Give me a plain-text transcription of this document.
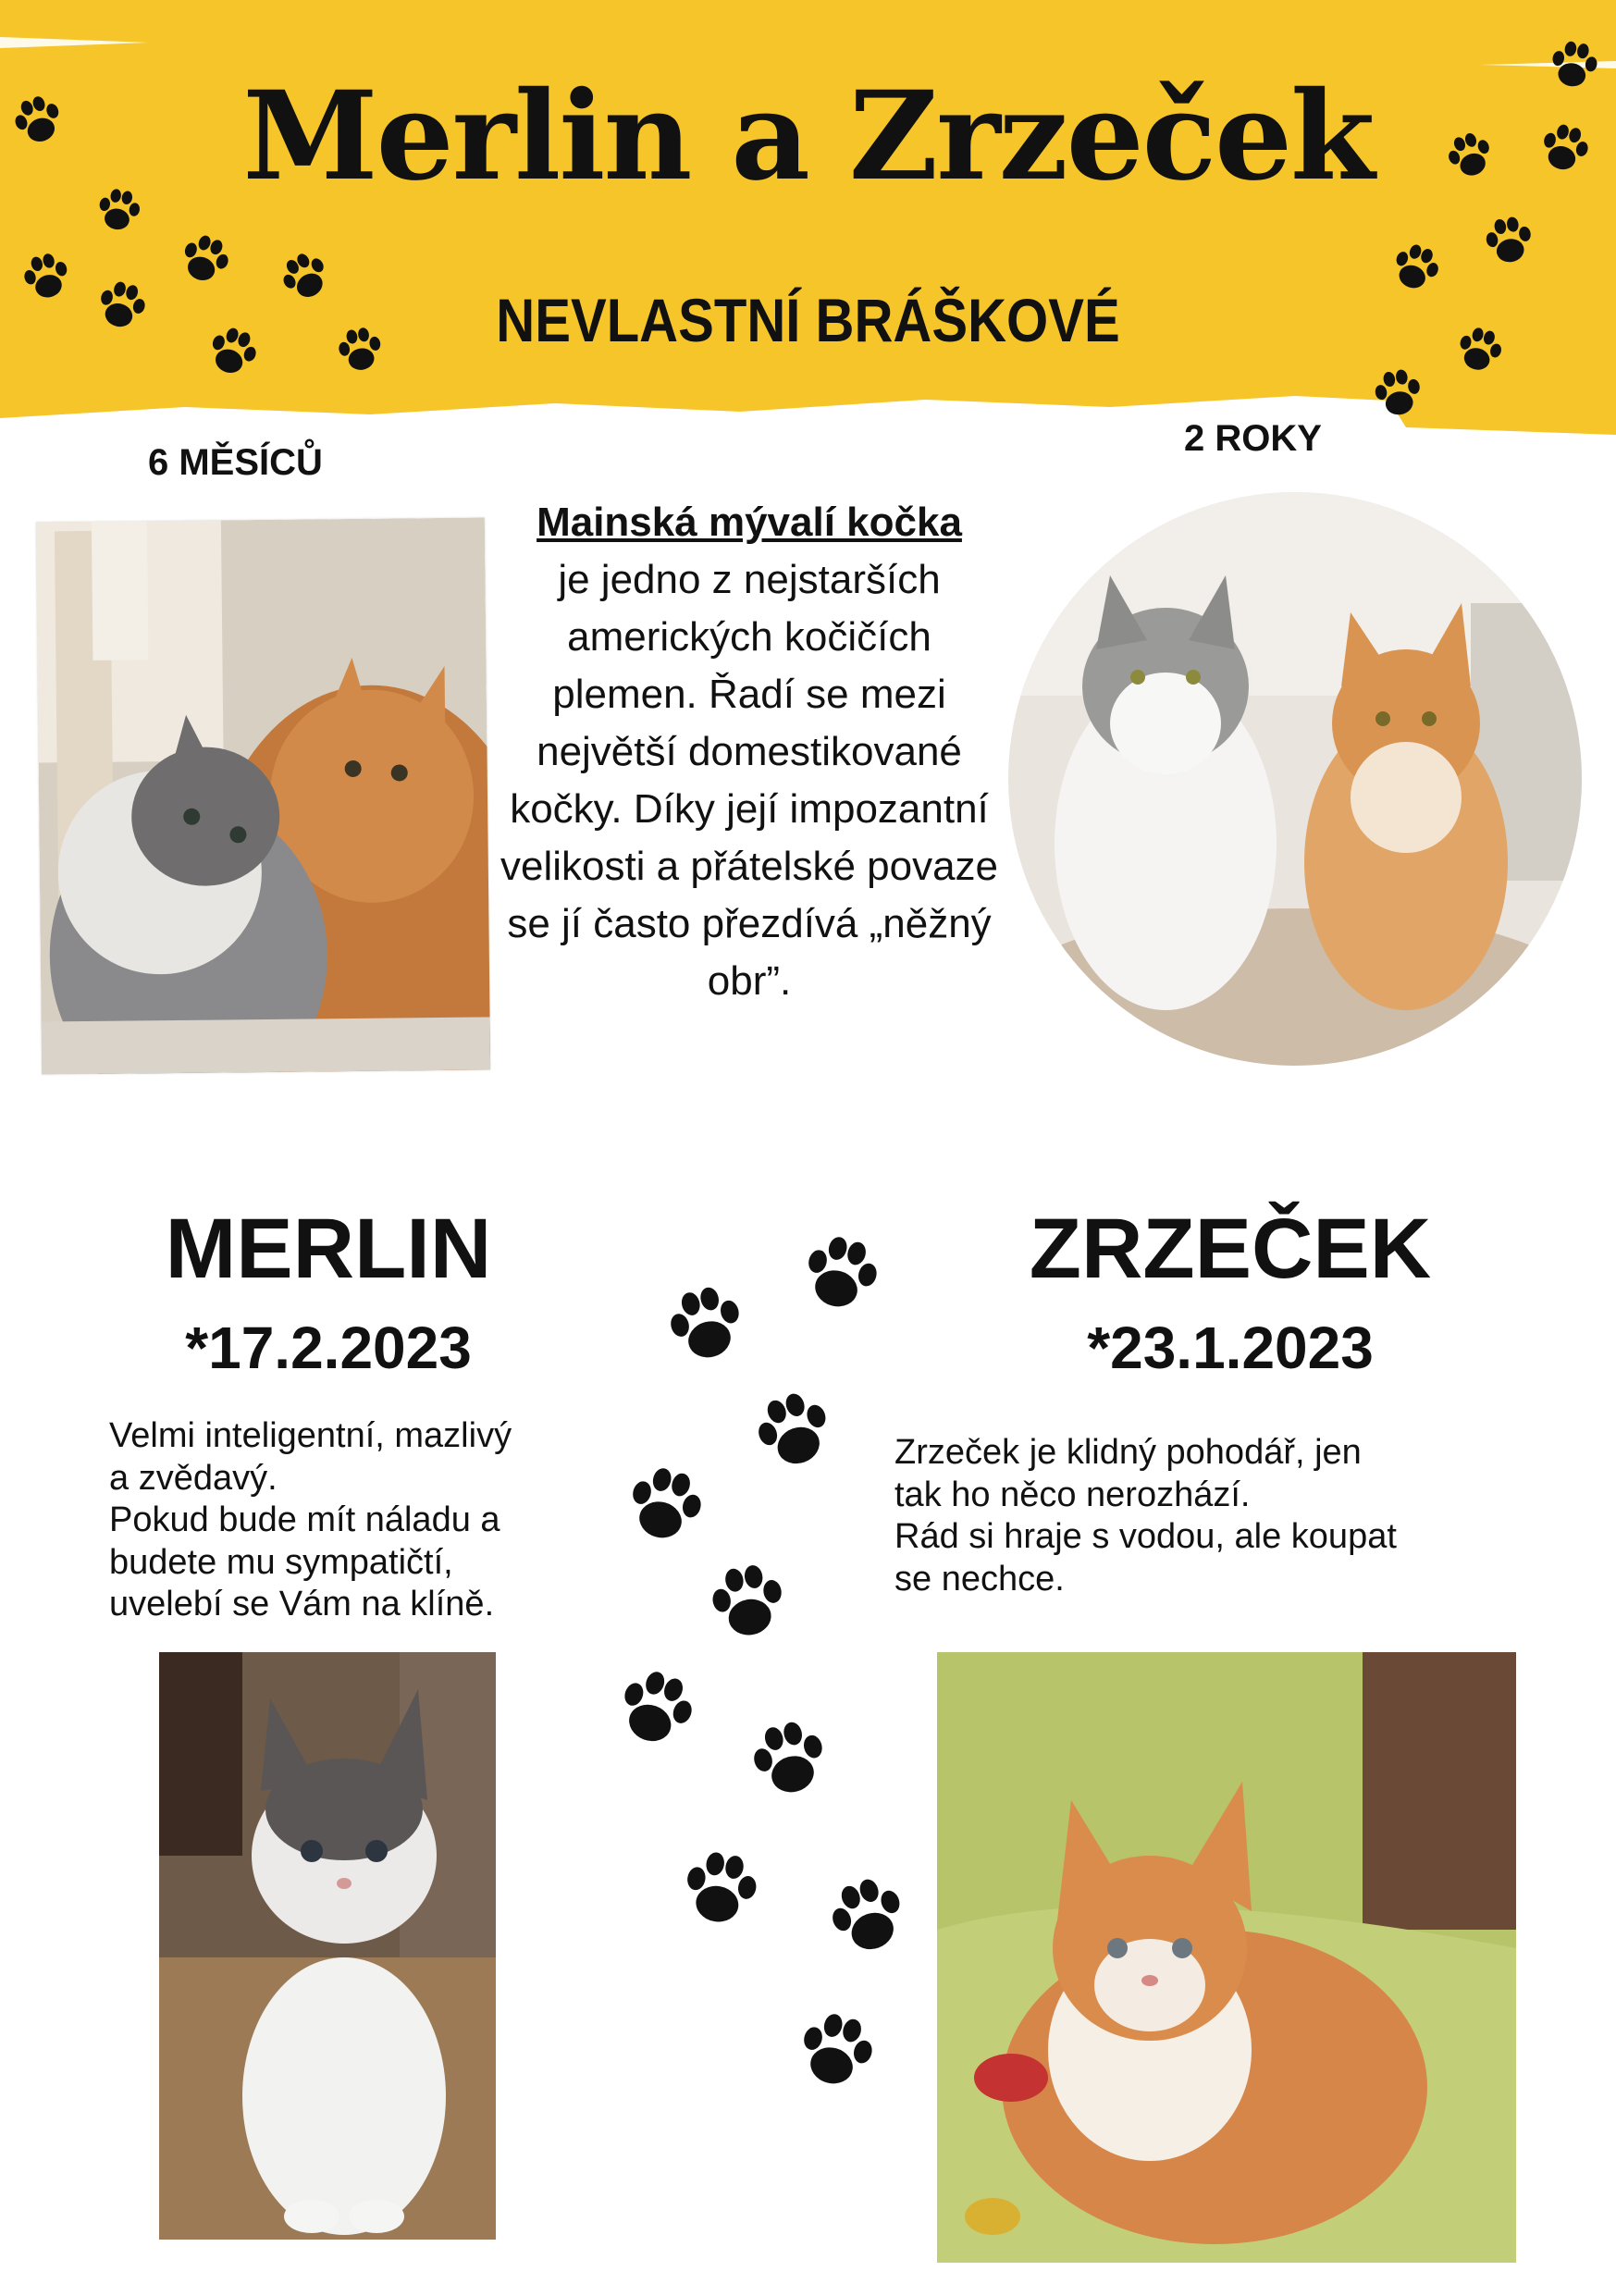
Merlin a Zrzeček
NEVLASTNÍ BRÁŠKOVÉ
6 MĚSÍCŮ
2 ROKY
Mainská mývalí kočka
je jedno z nejstarších amerických kočičích plemen. Řadí se mezi největší domestikované kočky. Díky její impozantní velikosti a přátelské povaze se jí často přezdívá „něžný obr”.
MERLIN
*17.2.2023
ZRZEČEK
*23.1.2023
Velmi inteligentní, mazlivý
a zvědavý.
Pokud bude mít náladu a
budete mu sympatičtí,
uvelebí se Vám na klíně.
Zrzeček je klidný pohodář, jen
tak ho něco nerozhází.
Rád si hraje s vodou, ale koupat
se nechce.
